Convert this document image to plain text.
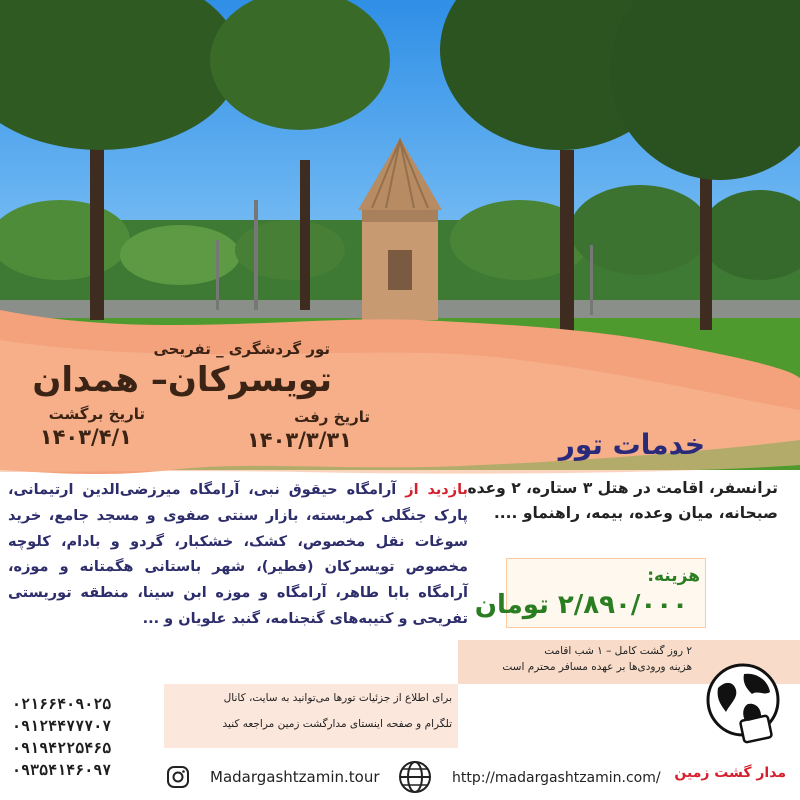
تور گردشگری _ تفریحی
تویسرکان– همدان
تاریخ رفت
۱۴۰۳/۳/۳۱
تاریخ برگشت
۱۴۰۳/۴/۱	خدمات تور
ترانسفر، اقامت در هتل ۳ ستاره، ۲ وعده صبحانه، میان وعده، بیمه، راهنماو ....
هزینه:
۲/۸۹۰/۰۰۰ تومان
۲ روز گشت کامل – ۱ شب اقامت
هزینه ورودی‌ها بر عهده مسافر محترم است
بازدید از آرامگاه حیقوق نبی، آرامگاه میرزضی‌الدین ارتیمانی، پارک جنگلی کمربسته، بازار سنتی صفوی و مسجد جامع، خرید سوغات نقل مخصوص، کشک، خشکبار، گردو و بادام، کلوچه مخصوص تویسرکان (فطیر)، شهر باستانی هگمتانه و موزه، آرامگاه بابا طاهر، آرامگاه و موزه ابن سینا، منطقه توریستی تفریحی و کتیبه‌های گنجنامه، گنبد علویان و ...
۰۲۱۶۶۴۰۹۰۲۵
۰۹۱۲۴۴۷۷۷۰۷
۰۹۱۹۴۲۲۵۴۶۵
۰۹۳۵۴۱۴۶۰۹۷
برای اطلاع از جزئیات تورها می‌توانید به سایت، کانال
تلگرام و صفحه اینستای مدارگشت زمین مراجعه کنید
Madargashtzamin.tour	http://madargashtzamin.com/ مدار گشت زمین
